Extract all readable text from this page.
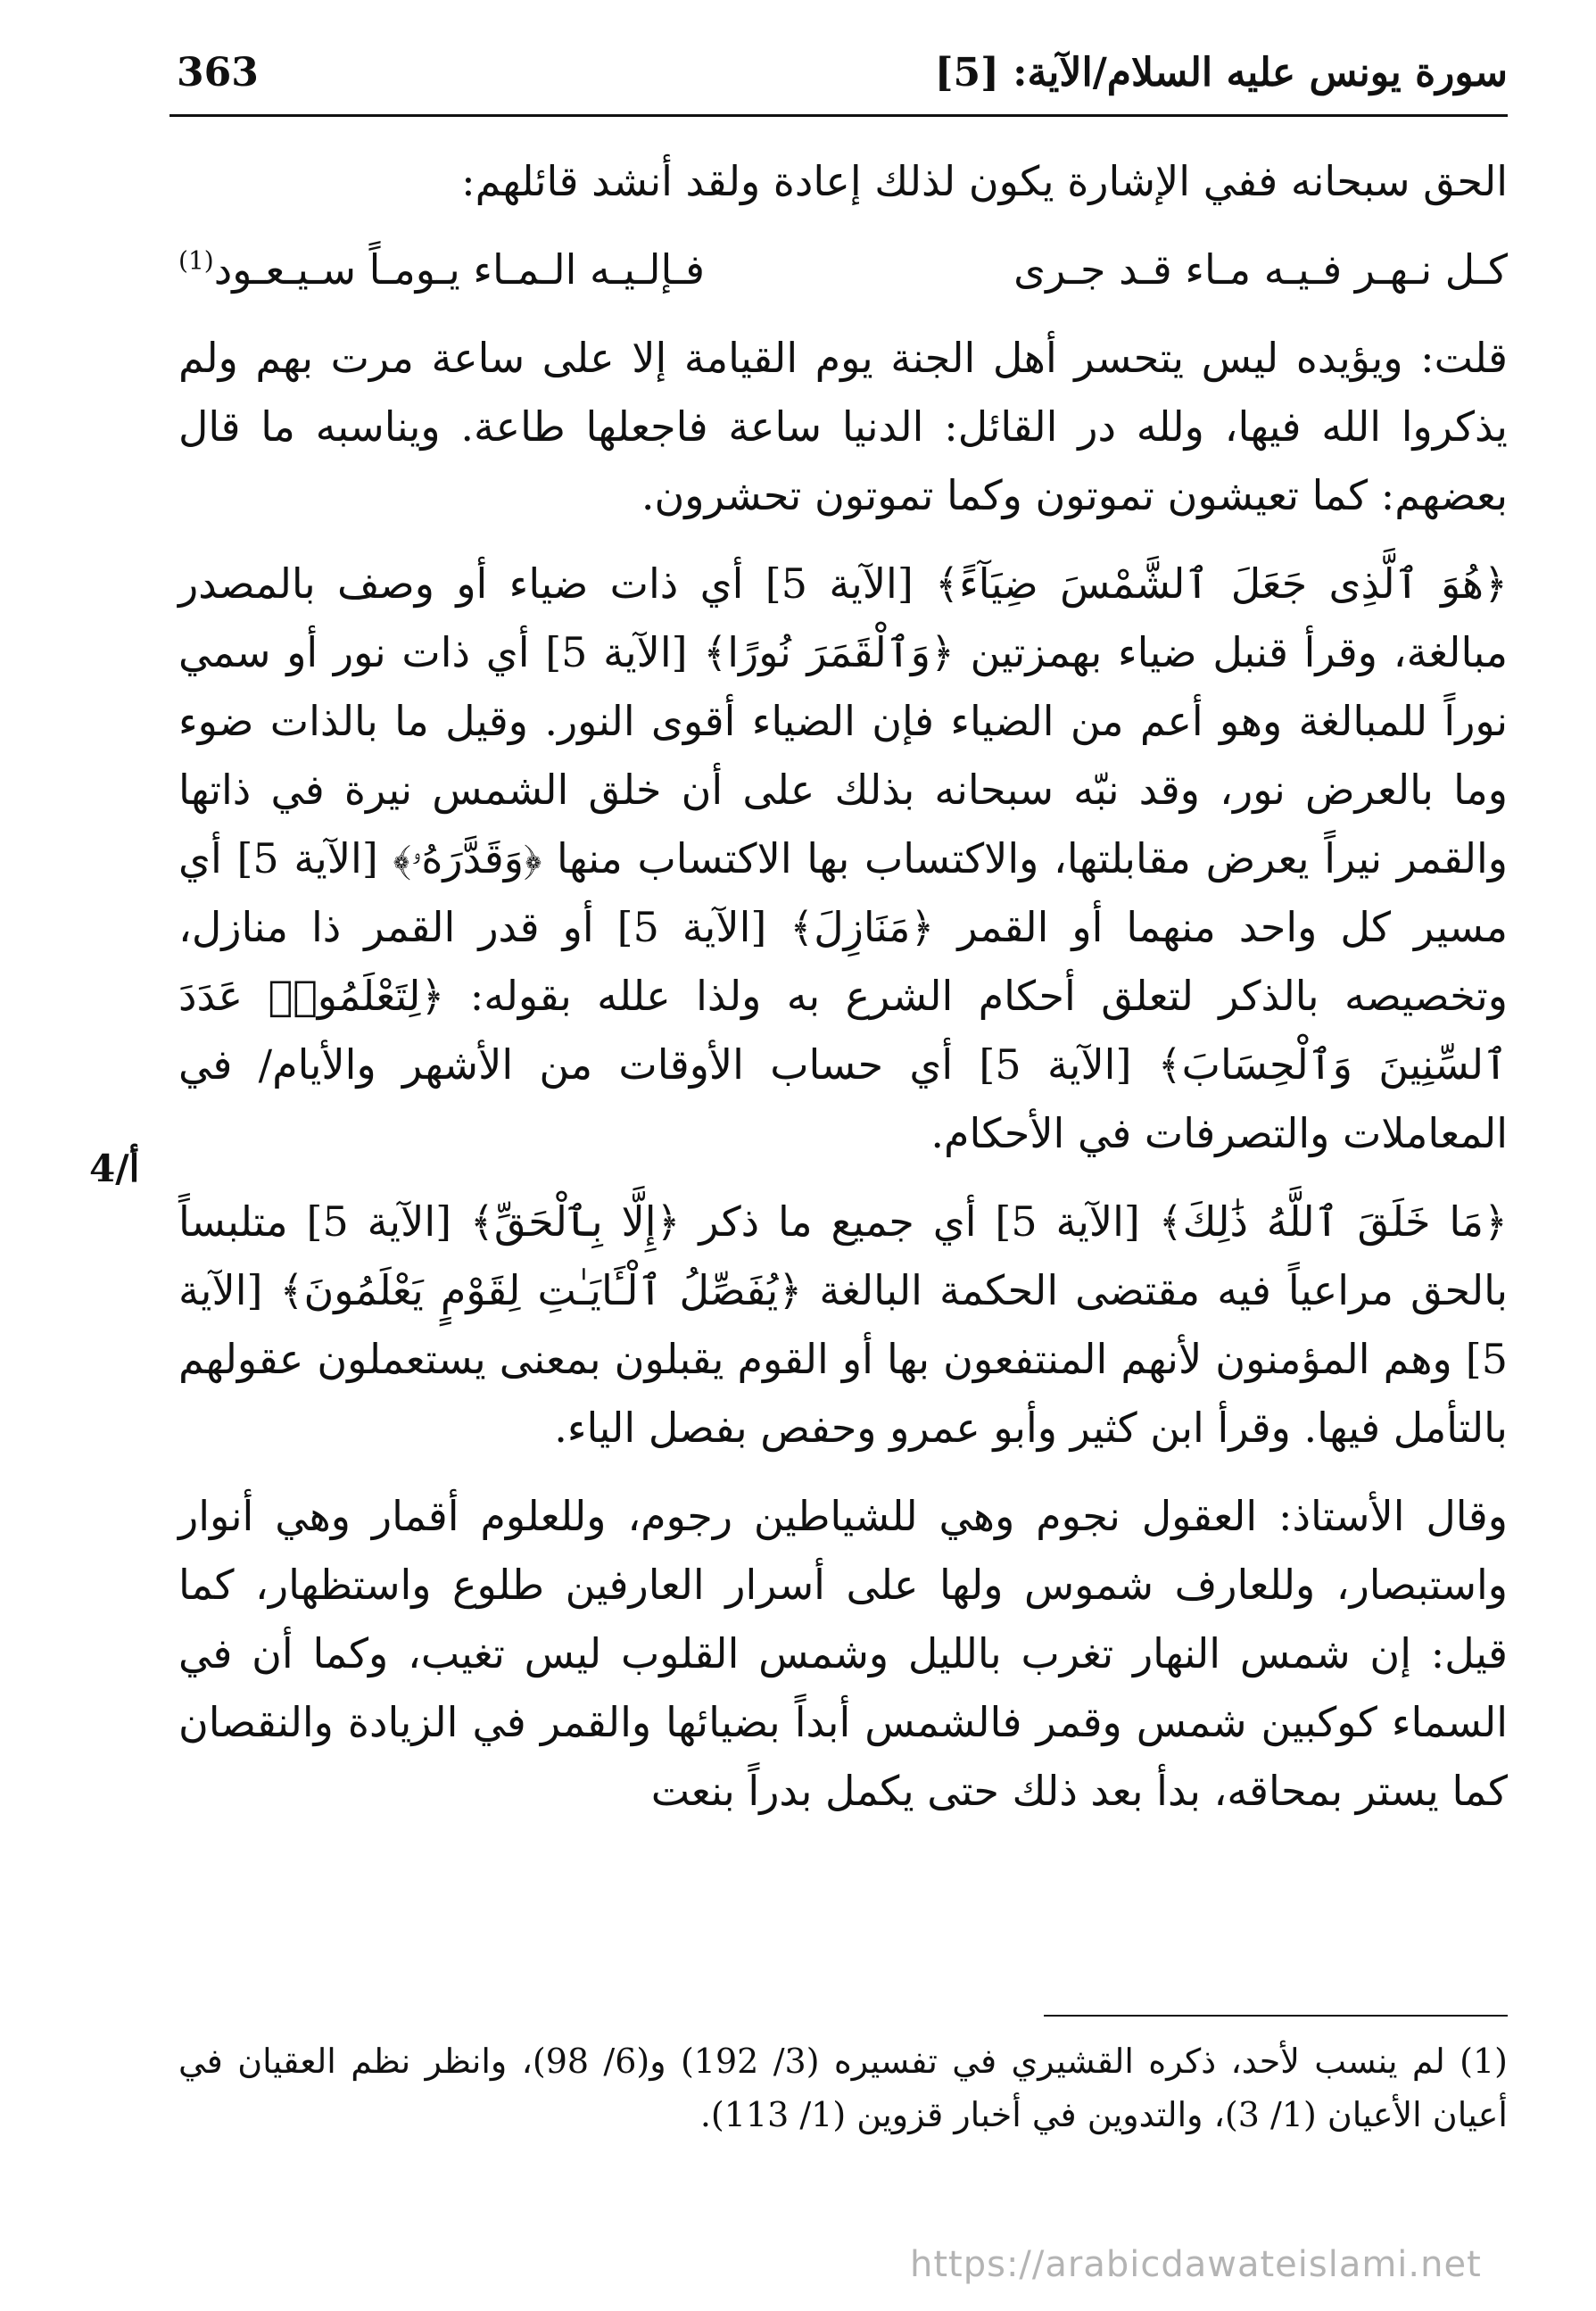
363	سورة يونس عليه السلام/الآية: [5]

الحق سبحانه ففي الإشارة يكون لذلك إعادة ولقد أنشد قائلهم:

كـل نـهـر فـيـه مـاء قـد جـرى
فـإلـيـه الـمـاء يـومـاً سـيـعـود$^{(1)}$

قلت: ويؤيده ليس يتحسر أهل الجنة يوم القيامة إلا على ساعة مرت بهم ولم يذكروا الله فيها، ولله در القائل: الدنيا ساعة فاجعلها طاعة. ويناسبه ما قال بعضهم: كما تعيشون تموتون وكما تموتون تحشرون.

﴿هُوَ ٱلَّذِى جَعَلَ ٱلشَّمْسَ ضِيَآءً﴾ [الآية 5] أي ذات ضياء أو وصف بالمصدر مبالغة، وقرأ قنبل ضياء بهمزتين ﴿وَٱلْقَمَرَ نُورًا﴾ [الآية 5] أي ذات نور أو سمي نوراً للمبالغة وهو أعم من الضياء فإن الضياء أقوى النور. وقيل ما بالذات ضوء وما بالعرض نور، وقد نبّه سبحانه بذلك على أن خلق الشمس نيرة في ذاتها والقمر نيراً يعرض مقابلتها، والاكتساب بها الاكتساب منها ﴿وَقَدَّرَهُۥ﴾ [الآية 5] أي مسير كل واحد منهما أو القمر ﴿مَنَازِلَ﴾ [الآية 5] أو قدر القمر ذا منازل، وتخصيصه بالذكر لتعلق أحكام الشرع به ولذا علله بقوله: ﴿لِتَعْلَمُوا۟ عَدَدَ ٱلسِّنِينَ وَٱلْحِسَابَ﴾ [الآية 5] أي حساب الأوقات من الأشهر والأيام/ في المعاملات والتصرفات في الأحكام.

﴿مَا خَلَقَ ٱللَّهُ ذَٰلِكَ﴾ [الآية 5] أي جميع ما ذكر ﴿إِلَّا بِٱلْحَقِّ﴾ [الآية 5] متلبساً بالحق مراعياً فيه مقتضى الحكمة البالغة ﴿يُفَصِّلُ ٱلْـَٔايَـٰتِ لِقَوْمٍ يَعْلَمُونَ﴾ [الآية 5] وهم المؤمنون لأنهم المنتفعون بها أو القوم يقبلون بمعنى يستعملون عقولهم بالتأمل فيها. وقرأ ابن كثير وأبو عمرو وحفص بفصل الياء.

وقال الأستاذ: العقول نجوم وهي للشياطين رجوم، وللعلوم أقمار وهي أنوار واستبصار، وللعارف شموس ولها على أسرار العارفين طلوع واستظهار، كما قيل: إن شمس النهار تغرب بالليل وشمس القلوب ليس تغيب، وكما أن في السماء كوكبين شمس وقمر فالشمس أبداً بضيائها والقمر في الزيادة والنقصان كما يستر بمحاقه، بدأ بعد ذلك حتى يكمل بدراً بنعت

4/أ

(1) لم ينسب لأحد، ذكره القشيري في تفسيره (3/ 192) و(6/ 98)، وانظر نظم العقيان في أعيان الأعيان (1/ 3)، والتدوين في أخبار قزوين (1/ 113).

https://arabicdawateislami.net
